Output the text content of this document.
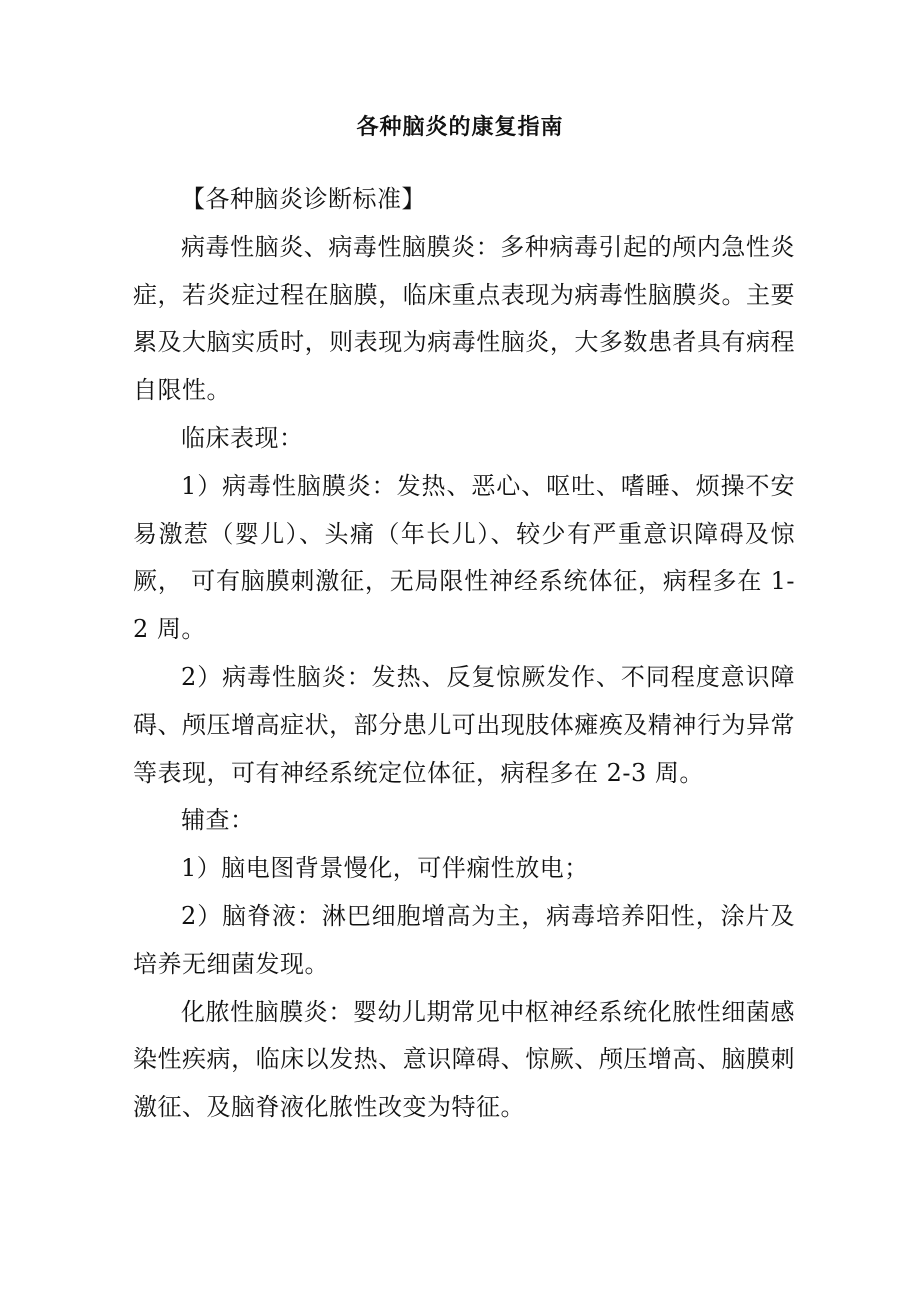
各种脑炎的康复指南

【各种脑炎诊断标准】

病毒性脑炎、病毒性脑膜炎：多种病毒引起的颅内急性炎症，若炎症过程在脑膜，临床重点表现为病毒性脑膜炎。主要累及大脑实质时，则表现为病毒性脑炎，大多数患者具有病程自限性。

临床表现：

1）病毒性脑膜炎：发热、恶心、呕吐、嗜睡、烦操不安易激惹（婴儿）、头痛（年长儿）、较少有严重意识障碍及惊厥， 可有脑膜刺激征，无局限性神经系统体征，病程多在 1-2 周。

2）病毒性脑炎：发热、反复惊厥发作、不同程度意识障碍、颅压增高症状，部分患儿可出现肢体瘫痪及精神行为异常等表现，可有神经系统定位体征，病程多在 2-3 周。

辅查：

1）脑电图背景慢化，可伴痫性放电；

2）脑脊液：淋巴细胞增高为主，病毒培养阳性，涂片及培养无细菌发现。

化脓性脑膜炎：婴幼儿期常见中枢神经系统化脓性细菌感染性疾病，临床以发热、意识障碍、惊厥、颅压增高、脑膜刺激征、及脑脊液化脓性改变为特征。
